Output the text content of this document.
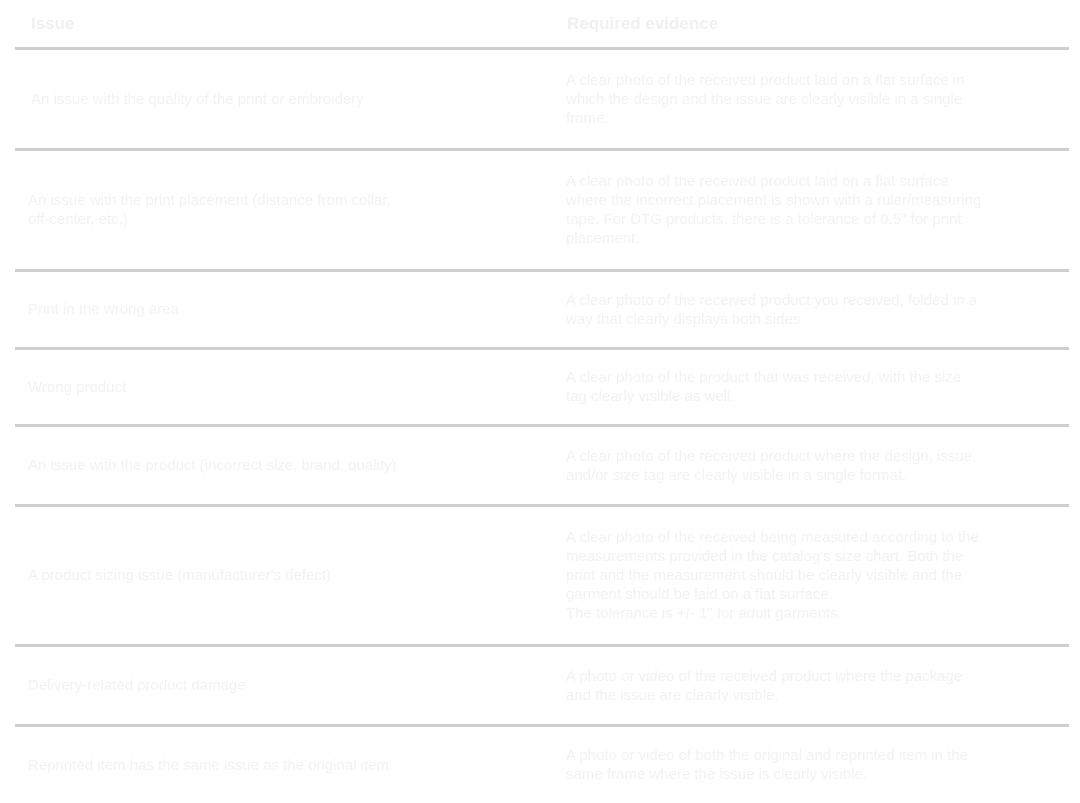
Issue	Required evidence
An issue with the quality of the print or embroidery
A clear photo of the received product laid on a flat surface in
which the design and the issue are clearly visible in a single
frame.
An issue with the print placement (distance from collar,
off-center, etc.)
A clear photo of the received product laid on a flat surface
where the incorrect placement is shown with a ruler/measuring
tape. For DTG products, there is a tolerance of 0.5" for print
placement.
Print in the wrong area
A clear photo of the received product you received, folded in a
way that clearly displays both sides.
Wrong product
A clear photo of the product that was received, with the size
tag clearly visible as well.
An issue with the product (incorrect size, brand, quality)
A clear photo of the received product where the design, issue,
and/or size tag are clearly visible in a single format.
A product sizing issue (manufacturer's defect)
A clear photo of the received being measured according to the
measurements provided in the catalog's size chart. Both the
print and the measurement should be clearly visible and the
garment should be laid on a flat surface.
The tolerance is +/- 1" for adult garments.
Delivery-related product damage
A photo or video of the received product where the package
and the issue are clearly visible.
Reprinted item has the same issue as the original item
A photo or video of both the original and reprinted item in the
same frame where the issue is clearly visible.
